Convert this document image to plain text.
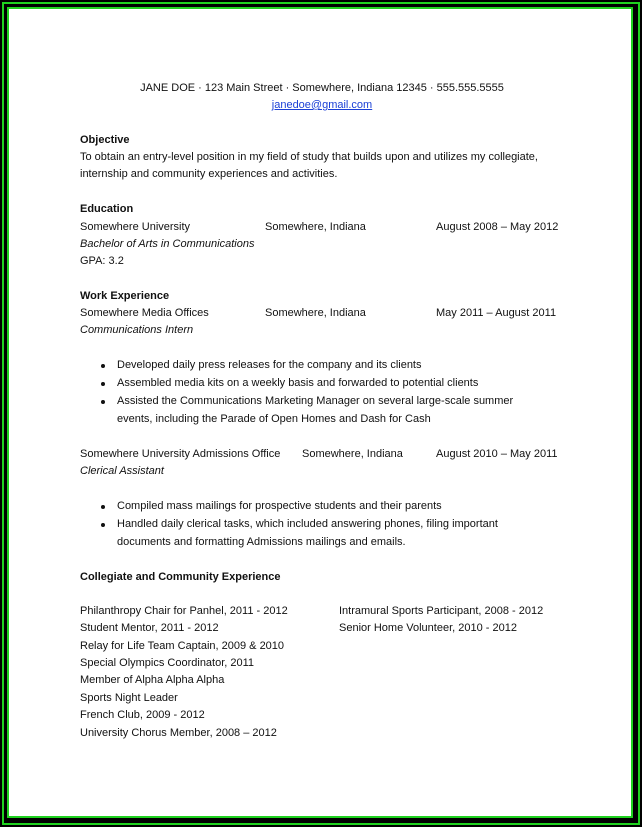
JANE DOE · 123 Main Street · Somewhere, Indiana 12345 · 555.555.5555
janedoe@gmail.com
Objective
To obtain an entry-level position in my field of study that builds upon and utilizes my collegiate,
internship and community experiences and activities.
Education
Somewhere University	Somewhere, Indiana	August 2008 – May 2012
Bachelor of Arts in Communications
GPA: 3.2
Work Experience
Somewhere Media Offices	Somewhere, Indiana	May 2011 – August 2011
Communications Intern
Developed daily press releases for the company and its clients
Assembled media kits on a weekly basis and forwarded to potential clients
Assisted the Communications Marketing Manager on several large-scale summer
events, including the Parade of Open Homes and Dash for Cash
Somewhere University Admissions Office Somewhere, Indiana	August 2010 – May 2011
Clerical Assistant
Compiled mass mailings for prospective students and their parents
Handled daily clerical tasks, which included answering phones, filing important
documents and formatting Admissions mailings and emails.
Collegiate and Community Experience
Philanthropy Chair for Panhel, 2011 - 2012
Student Mentor, 2011 - 2012
Relay for Life Team Captain, 2009 & 2010
Special Olympics Coordinator, 2011
Member of Alpha Alpha Alpha
Sports Night Leader
French Club, 2009 - 2012
University Chorus Member, 2008 – 2012
Intramural Sports Participant, 2008 - 2012
Senior Home Volunteer, 2010 - 2012
